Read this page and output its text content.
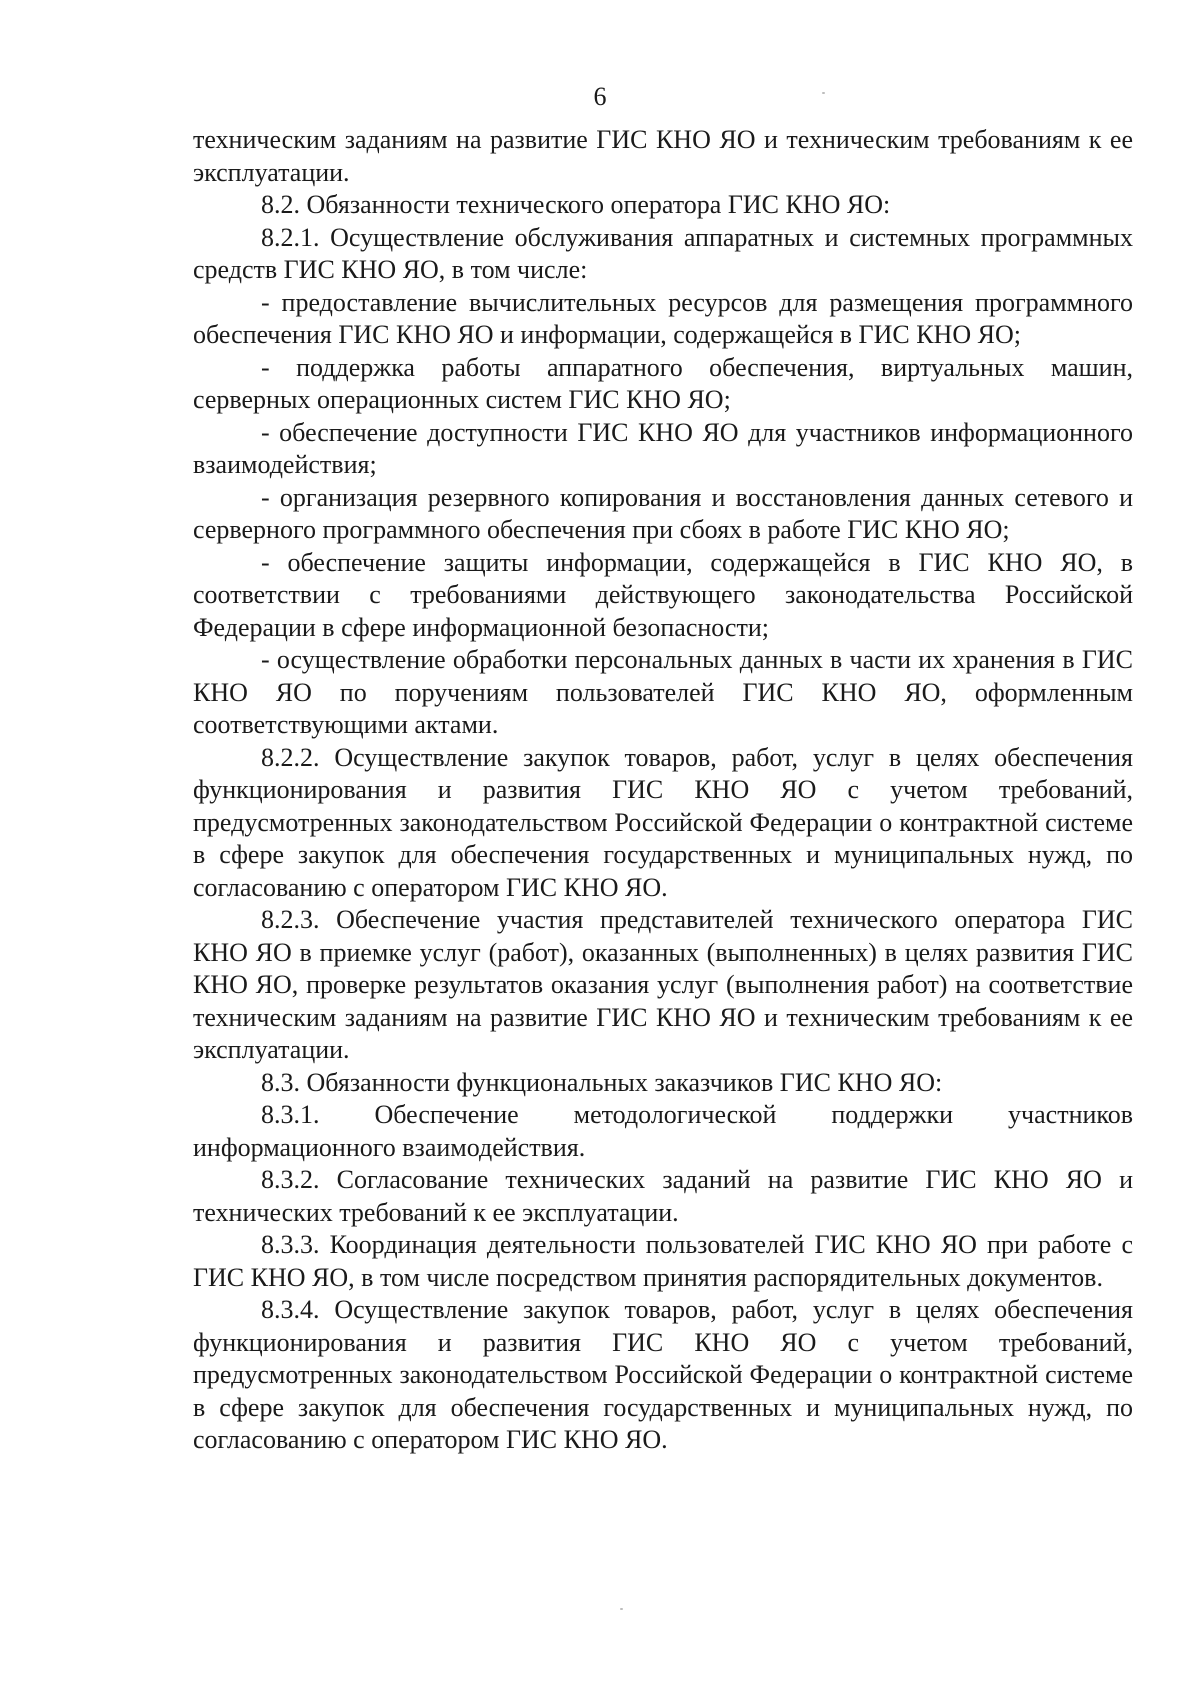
6

техническим заданиям на развитие ГИС КНО ЯО и техническим требованиям к ее эксплуатации.

8.2. Обязанности технического оператора ГИС КНО ЯО:

8.2.1. Осуществление обслуживания аппаратных и системных программных средств ГИС КНО ЯО, в том числе:

- предоставление вычислительных ресурсов для размещения программного обеспечения ГИС КНО ЯО и информации, содержащейся в ГИС КНО ЯО;

- поддержка работы аппаратного обеспечения, виртуальных машин, серверных операционных систем ГИС КНО ЯО;

- обеспечение доступности ГИС КНО ЯО для участников информационного взаимодействия;

- организация резервного копирования и восстановления данных сетевого и серверного программного обеспечения при сбоях в работе ГИС КНО ЯО;

- обеспечение защиты информации, содержащейся в ГИС КНО ЯО, в соответствии с требованиями действующего законодательства Российской Федерации в сфере информационной безопасности;

- осуществление обработки персональных данных в части их хранения в ГИС КНО ЯО по поручениям пользователей ГИС КНО ЯО, оформленным соответствующими актами.

8.2.2. Осуществление закупок товаров, работ, услуг в целях обеспечения функционирования и развития ГИС КНО ЯО с учетом требований, предусмотренных законодательством Российской Федерации о контрактной системе в сфере закупок для обеспечения государственных и муниципальных нужд, по согласованию с оператором ГИС КНО ЯО.

8.2.3. Обеспечение участия представителей технического оператора ГИС КНО ЯО в приемке услуг (работ), оказанных (выполненных) в целях развития ГИС КНО ЯО, проверке результатов оказания услуг (выполнения работ) на соответствие техническим заданиям на развитие ГИС КНО ЯО и техническим требованиям к ее эксплуатации.

8.3. Обязанности функциональных заказчиков ГИС КНО ЯО:

8.3.1. Обеспечение методологической поддержки участников информационного взаимодействия.

8.3.2. Согласование технических заданий на развитие ГИС КНО ЯО и технических требований к ее эксплуатации.

8.3.3. Координация деятельности пользователей ГИС КНО ЯО при работе с ГИС КНО ЯО, в том числе посредством принятия распорядительных документов.

8.3.4. Осуществление закупок товаров, работ, услуг в целях обеспечения функционирования и развития ГИС КНО ЯО с учетом требований, предусмотренных законодательством Российской Федерации о контрактной системе в сфере закупок для обеспечения государственных и муниципальных нужд, по согласованию с оператором ГИС КНО ЯО.
